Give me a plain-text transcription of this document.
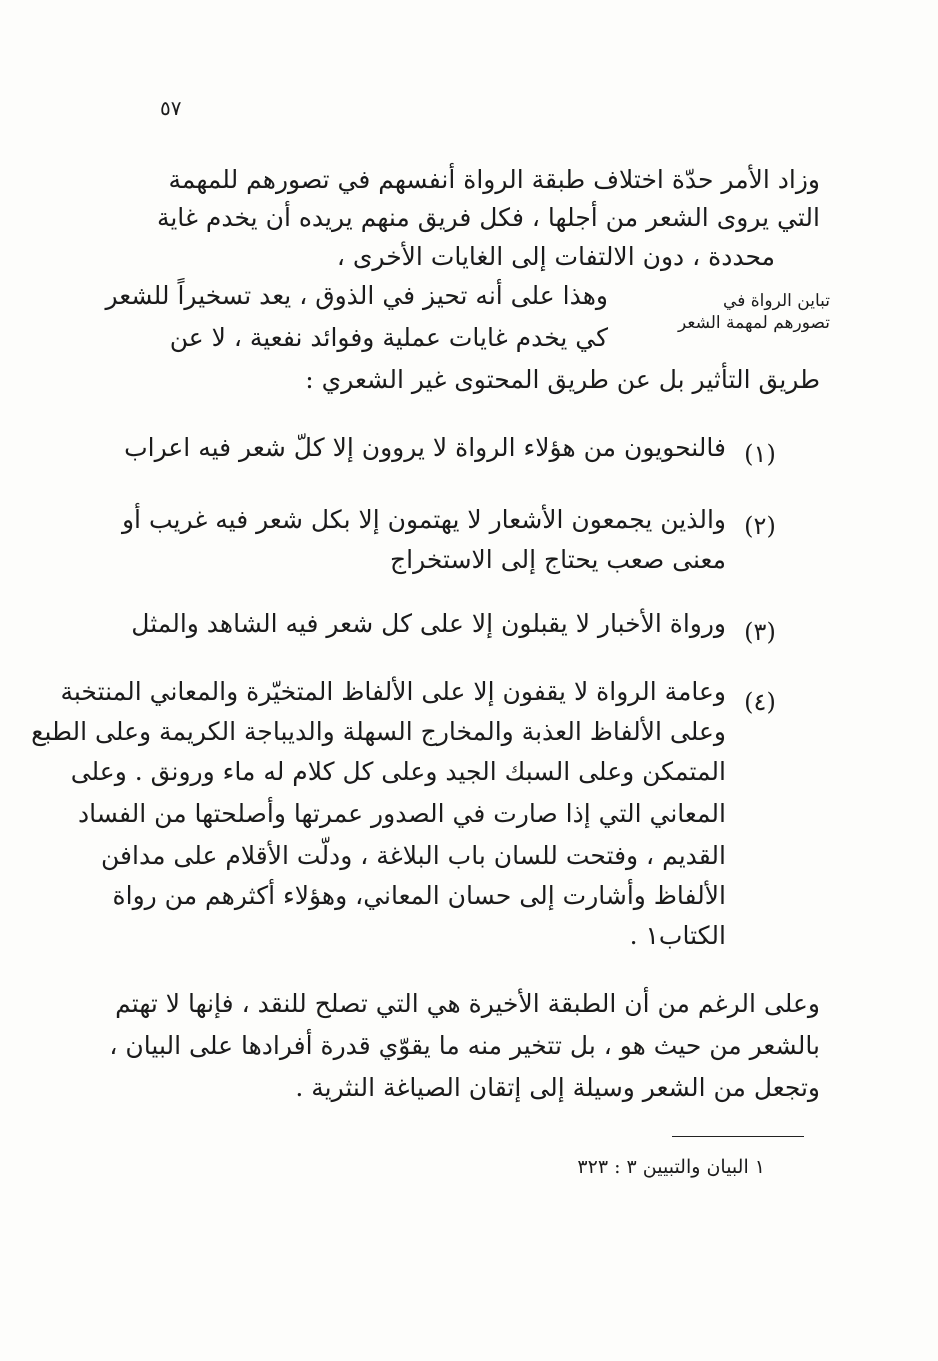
٥٧
وزاد الأمر حدّة اختلاف طبقة الرواة أنفسهم في تصورهم للمهمة
التي يروى الشعر من أجلها ، فكل فريق منهم يريده أن يخدم غاية
محددة ، دون الالتفات إلى الغايات الأخرى ،
وهذا على أنه تحيز في الذوق ، يعد تسخيراً للشعر
كي يخدم غايات عملية وفوائد نفعية ، لا عن
طريق التأثير بل عن طريق المحتوى غير الشعري :
تباين الرواة في
تصورهم لمهمة الشعر
(١)
فالنحويون من هؤلاء الرواة لا يروون إلا كلّ شعر فيه اعراب
(٢)
والذين يجمعون الأشعار لا يهتمون إلا بكل شعر فيه غريب أو
معنى صعب يحتاج إلى الاستخراج
(٣)
ورواة الأخبار لا يقبلون إلا على كل شعر فيه الشاهد والمثل
(٤)
وعامة الرواة لا يقفون إلا على الألفاظ المتخيّرة والمعاني المنتخبة
وعلى الألفاظ العذبة والمخارج السهلة والديباجة الكريمة وعلى الطبع
المتمكن وعلى السبك الجيد وعلى كل كلام له ماء ورونق . وعلى
المعاني التي إذا صارت في الصدور عمرتها وأصلحتها من الفساد
القديم ، وفتحت للسان باب البلاغة ، ودلّت الأقلام على مدافن
الألفاظ وأشارت إلى حسان المعاني، وهؤلاء أكثرهم من رواة
الكتاب١ .
وعلى الرغم من أن الطبقة الأخيرة هي التي تصلح للنقد ، فإنها لا تهتم
بالشعر من حيث هو ، بل تتخير منه ما يقوّي قدرة أفرادها على البيان ،
وتجعل من الشعر وسيلة إلى إتقان الصياغة النثرية .
١ البيان والتبيين ٣ : ٣٢٣
